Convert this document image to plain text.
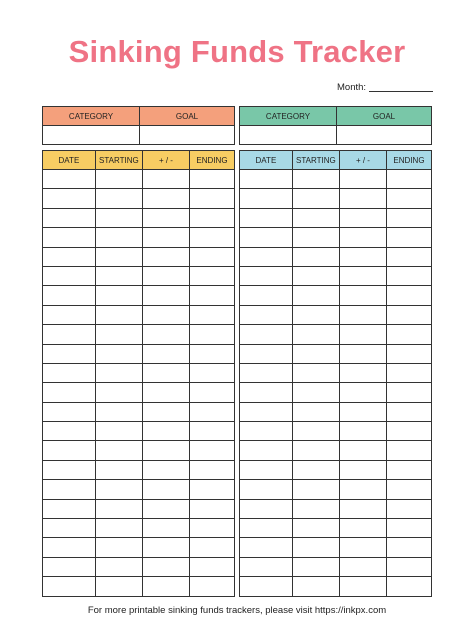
Sinking Funds Tracker
Month:
CATEGORY	GOAL
		CATEGORY	GOAL

DATE	STARTING	+ / -	ENDING

				DATE	STARTING	+ / -	ENDING

For more printable sinking funds trackers, please visit https://inkpx.com
